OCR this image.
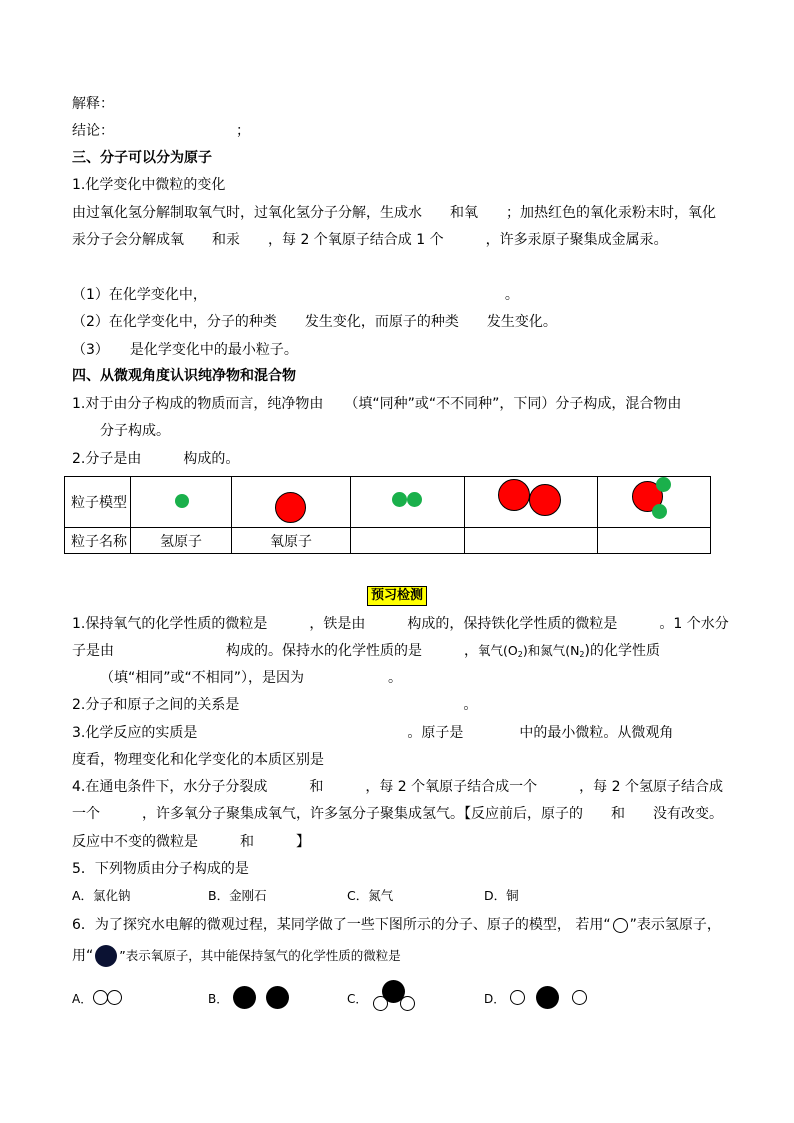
解释：
结论：	；
三、分子可以分为原子
1.化学变化中微粒的变化
由过氧化氢分解制取氧气时，过氧化氢分子分解，生成水　　和氧　　；加热红色的氧化汞粉末时，氧化
汞分子会分解成氧　　和汞　　，每 2 个氧原子结合成 1 个　　　，许多汞原子聚集成金属汞。
（1）在化学变化中，	。
（2）在化学变化中，分子的种类　　发生变化，而原子的种类　　发生变化。
（3）　　是化学变化中的最小粒子。
四、从微观角度认识纯净物和混合物
1.对于由分子构成的物质而言，纯净物由　　（填“同种”或“不不同种”，下同）分子构成，混合物由
　　分子构成。
2.分子是由　　　构成的。
粒子模型	

粒子名称	氢原子	氧原子			
预习检测
1.保持氧气的化学性质的微粒是　　　，铁是由　　　构成的，保持铁化学性质的微粒是　　　。1 个水分
子是由　　　　　　　　构成的。保持水的化学性质的是　　　，氧气$(O_2)$和氮气$(N_2)$的化学性质
（填“相同”或“不相同”），是因为　　　　　　。
2.分子和原子之间的关系是　　　　　　　　　　　　　　　　。
3.化学反应的实质是　　　　　　　　　　　　　　　。原子是　　　　中的最小微粒。从微观角
度看，物理变化和化学变化的本质区别是
4.在通电条件下，水分子分裂成　　　和　　　，每 2 个氧原子结合成一个　　　，每 2 个氢原子结合成
一个　　　，许多氧分子聚集成氧气，许多氢分子聚集成氢气。【反应前后，原子的　　和　　没有改变。
反应中不变的微粒是　　　和　　　】
5．下列物质由分子构成的是
A．氯化钠	B．金刚石	C．氮气	D．铜
6．为了探究水电解的微观过程，某同学做了一些下图所示的分子、原子的模型， 若用“ ”表示氢原子，
用“ ”表示氧原子，其中能保持氢气的化学性质的微粒是
A．	B．	C．	D．
